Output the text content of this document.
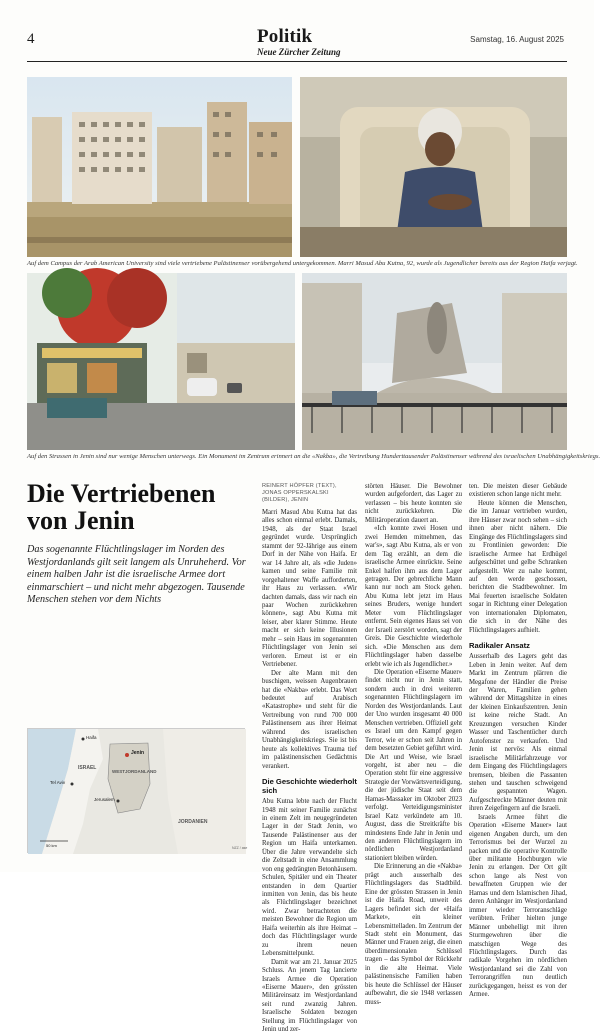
4	Politik
Neue Zürcher Zeitung
Samstag, 16. August 2025
Auf dem Campus der Arab American University sind viele vertriebene Palästinenser vorübergehend untergekommen. Marri Masud Abu Kutna, 92, wurde als Jugendlicher bereits aus der Region Haifa verjagt.
Auf den Strassen in Jenin sind nur wenige Menschen unterwegs. Ein Monument im Zentrum erinnert an die «Nakba», die Vertreibung Hunderttausender Palästinenser während des israelischen Unabhängigkeitskriegs.
Die Vertriebenen von Jenin

Das sogenannte Flüchtlingslager im Norden des Westjordanlands gilt seit langem als Unruheherd. Vor einem halben Jahr ist die israelische Armee dort einmarschiert – und nicht mehr abgezogen. Tausende Menschen stehen vor dem Nichts

Jenin
Haifa
WESTJORDANLAND
ISRAEL
Tel Aviv
Jerusalem
JORDANIEN
50 km	NZZ / ase
REINERT HÖPFER (TEXT),
JONAS OPPERSKALSKI (BILDER), JENIN

Marri Masud Abu Kutna hat das alles schon einmal erlebt. Damals, 1948, als der Staat Israel gegründet wurde. Ursprünglich stammt der 92-Jährige aus einem Dorf in der Nähe von Haifa. Er war 14 Jahre alt, als «die Juden» kamen und seine Familie mit vorgehaltener Waffe aufforderten, ihr Haus zu verlassen. «Wir dachten damals, dass wir nach ein paar Wochen zurückkehren können», sagt Abu Kutna mit leiser, aber klarer Stimme. Heute macht er sich keine Illusionen mehr – sein Haus im sogenannten Flüchtlingslager von Jenin sei verloren. Erneut ist er ein Vertriebener.

Der alte Mann mit den buschigen, weissen Augenbrauen hat die «Nakba» erlebt. Das Wort bedeutet auf Arabisch «Katastrophe» und steht für die Vertreibung von rund 700 000 Palästinensern aus ihrer Heimat während des israelischen Unabhängigkeitskriegs. Sie ist bis heute als kollektives Trauma tief im palästinensischen Gedächtnis verankert.

Die Geschichte wiederholt sich

Abu Kutna lebte nach der Flucht 1948 mit seiner Familie zunächst in einem Zelt im neugegründeten Lager in der Stadt Jenin, wo Tausende Palästinenser aus der Region um Haifa unterkamen. Über die Jahre verwandelte sich die Zeltstadt in eine Ansammlung von eng gedrängten Betonhäusern. Schulen, Spitäler und ein Theater entstanden in dem Quartier inmitten von Jenin, das bis heute als Flüchtlingslager bezeichnet wird. Zwar betrachteten die meisten Bewohner die Region um Haifa weiterhin als ihre Heimat – doch das Flüchtlingslager wurde zu ihrem neuen Lebensmittelpunkt.

Damit war am 21. Januar 2025 Schluss. An jenem Tag lancierte Israels Armee die Operation «Eiserne Mauer», den grössten Militäreinsatz im Westjordanland seit rund zwanzig Jahren. Israelische Soldaten bezogen Stellung im Flüchtlingslager von Jenin und zer-

störten Häuser. Die Bewohner wurden aufgefordert, das Lager zu verlassen – bis heute konnten sie nicht zurückkehren. Die Militäroperation dauert an.

«Ich konnte zwei Hosen und zwei Hemden mitnehmen, das war's», sagt Abu Kutna, als er von dem Tag erzählt, an dem die israelische Armee einrückte. Seine Enkel halfen ihm aus dem Lager getragen. Der gebrechliche Mann kann nur noch am Stock gehen. Abu Kutna lebt jetzt im Haus seines Bruders, wenige hundert Meter vom Flüchtlingslager entfernt. Sein eigenes Haus sei von der Israeli zerstört worden, sagt der Greis. Die Geschichte wiederhole sich. «Die Menschen aus dem Flüchtlingslager haben dasselbe erlebt wie ich als Jugendlicher.»

Die Operation «Eiserne Mauer» findet nicht nur in Jenin statt, sondern auch in drei weiteren sogenannten Flüchtlingslagern im Norden des Westjordanlands. Laut der Uno wurden insgesamt 40 000 Menschen vertrieben. Offiziell geht es Israel um den Kampf gegen Terror, wie er schon seit Jahren in dem besetzten Gebiet geführt wird. Die Art und Weise, wie Israel vorgeht, ist aber neu – die Operation steht für eine aggressive Strategie der Vorwärtsverteidigung, die der jüdische Staat seit dem Hamas-Massaker im Oktober 2023 verfolgt. Verteidigungsminister Israel Katz verkündete am 10. August, dass die Streitkräfte bis mindestens Ende Jahr in Jenin und den anderen Flüchtlingslagern im nördlichen Westjordanland stationiert bleiben würden.

Die Erinnerung an die «Nakba» prägt auch ausserhalb des Flüchtlingslagers das Stadtbild. Eine der grössten Strassen in Jenin ist die Haifa Road, unweit des Lagers befindet sich der «Haifa Market», ein kleiner Lebensmittelladen. Im Zentrum der Stadt steht ein Monument, das Männer und Frauen zeigt, die einen überdimensionalen Schlüssel tragen – das Symbol der Rückkehr in die alte Heimat. Viele palästinensische Familien haben bis heute die Schlüssel der Häuser aufbewahrt, die sie 1948 verlassen muss-

ten. Die meisten dieser Gebäude existieren schon lange nicht mehr.

Heute können die Menschen, die im Januar vertrieben wurden, ihre Häuser zwar noch sehen – sich ihnen aber nicht nähern. Die Eingänge des Flüchtlingslagers sind zu Frontlinien geworden: Die israelische Armee hat Erdhügel aufgeschüttet und gelbe Schranken aufgestellt. Wer zu nahe kommt, auf den werde geschossen, berichten die Stadtbewohner. Im Mai feuerten israelische Soldaten sogar in Richtung einer Delegation von internationalen Diplomaten, die sich in der Nähe des Flüchtlingslagers aufhielt.

Radikaler Ansatz

Ausserhalb des Lagers geht das Leben in Jenin weiter. Auf dem Markt im Zentrum plärren die Megafone der Händler die Preise der Waren, Familien gehen während der Mittagshitze in eines der kleinen Einkaufszentren. Jenin ist keine reiche Stadt. An Kreuzungen versuchen Kinder Wasser und Taschentücher durch Autofenster zu verkaufen. Und Jenin ist nervös: Als einmal israelische Militärfahrzeuge vor dem Eingang des Flüchtlingslagers bremsen, bleiben die Passanten stehen und tauschen schweigend die gespannten Wagen. Aufgeschreckte Männer deuten mit ihren Zeigefingern auf die Israeli.

Israels Armee führt die Operation «Eiserne Mauer» laut eigenen Angaben durch, um den Terrorismus bei der Wurzel zu packen und die operative Kontrolle über militante Hochburgen wie Jenin zu erlangen. Der Ort gilt schon lange als Nest von bewaffneten Gruppen wie der Hamas und dem Islamischen Jihad, deren Anhänger im Westjordanland immer wieder Terroranschläge verübten. Früher hielten junge Männer unbehelligt mit ihren Sturmgewehren über die matschigen Wege des Flüchtlingslagers. Durch das radikale Vorgehen im nördlichen Westjordanland sei die Zahl von Terrorangriffen nun deutlich zurückgegangen, heisst es von der Armee.
